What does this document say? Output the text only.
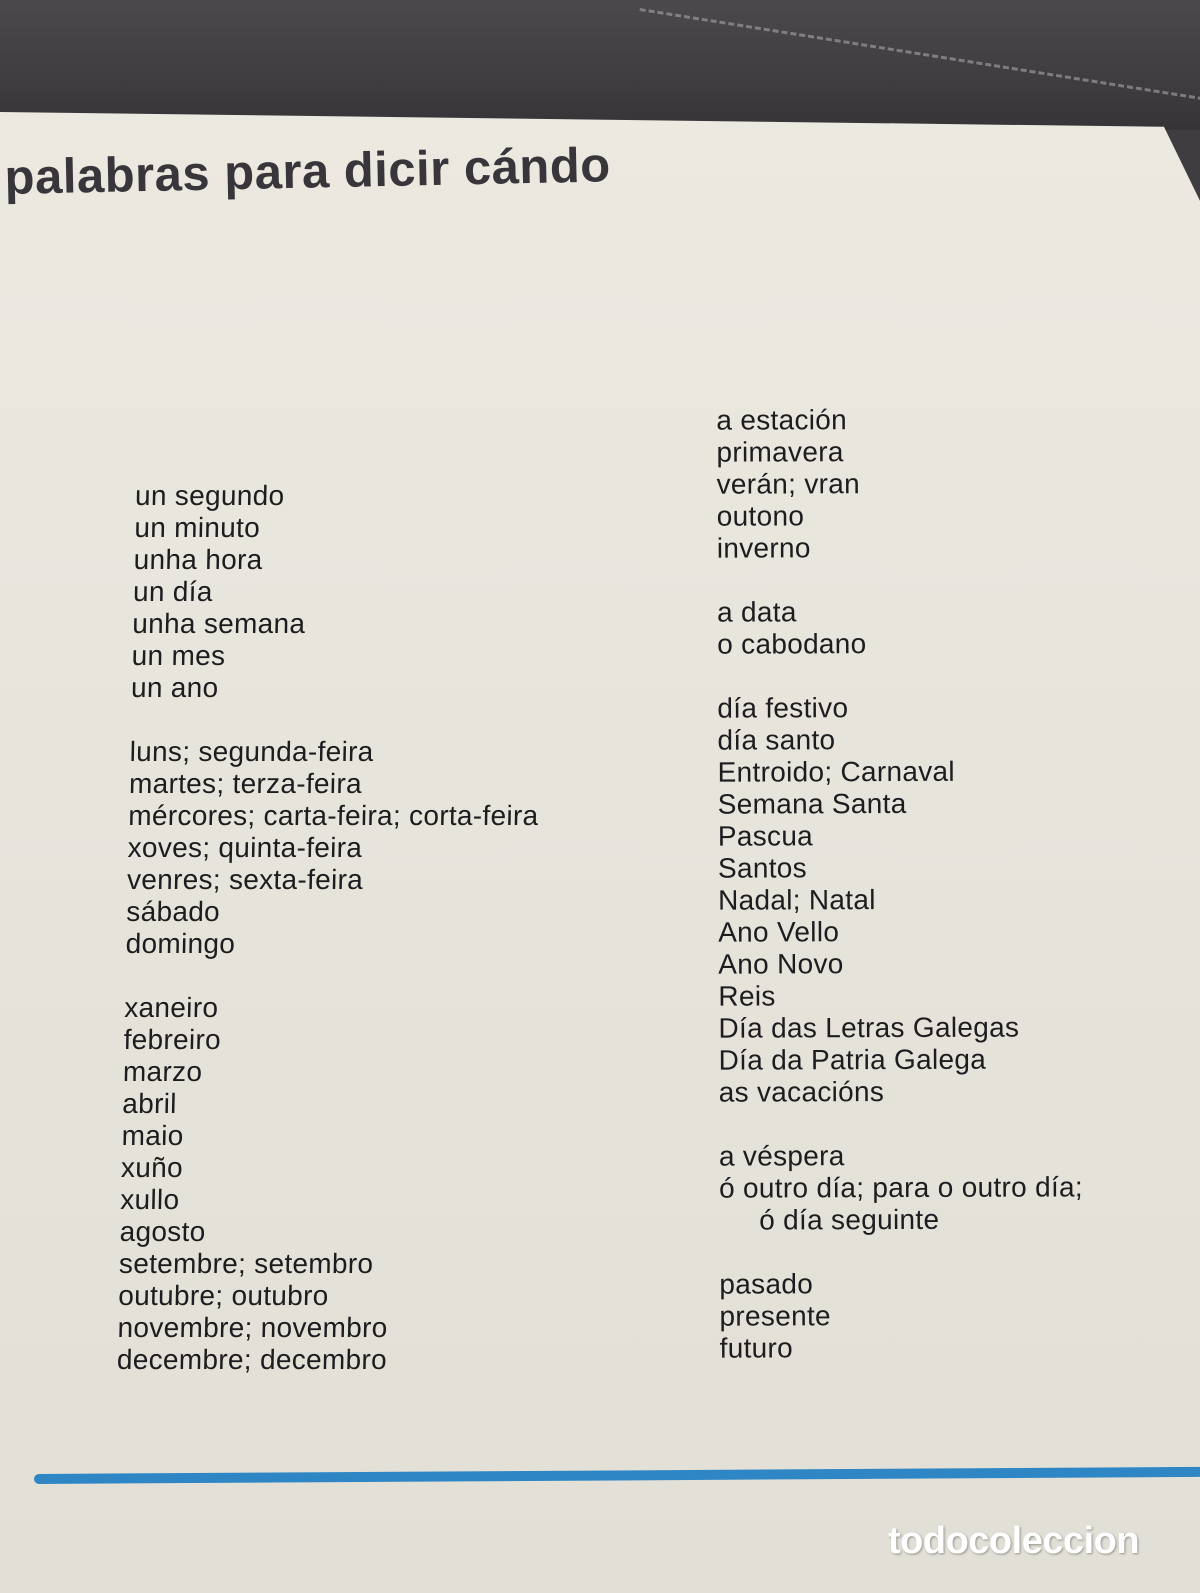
palabras para dicir cándo
un segundo
un minuto
unha hora
un día
unha semana
un mes
un ano
luns; segunda-feira
martes; terza-feira
mércores; carta-feira; corta-feira
xoves; quinta-feira
venres; sexta-feira
sábado
domingo
xaneiro
febreiro
marzo
abril
maio
xuño
xullo
agosto
setembre; setembro
outubre; outubro
novembre; novembro
decembre; decembro
a estación
primavera
verán; vran
outono
inverno
a data
o cabodano
día festivo
día santo
Entroido; Carnaval
Semana Santa
Pascua
Santos
Nadal; Natal
Ano Vello
Ano Novo
Reis
Día das Letras Galegas
Día da Patria Galega
as vacacións
a véspera
ó outro día; para o outro día;
ó día seguinte
pasado
presente
futuro
todocoleccion
